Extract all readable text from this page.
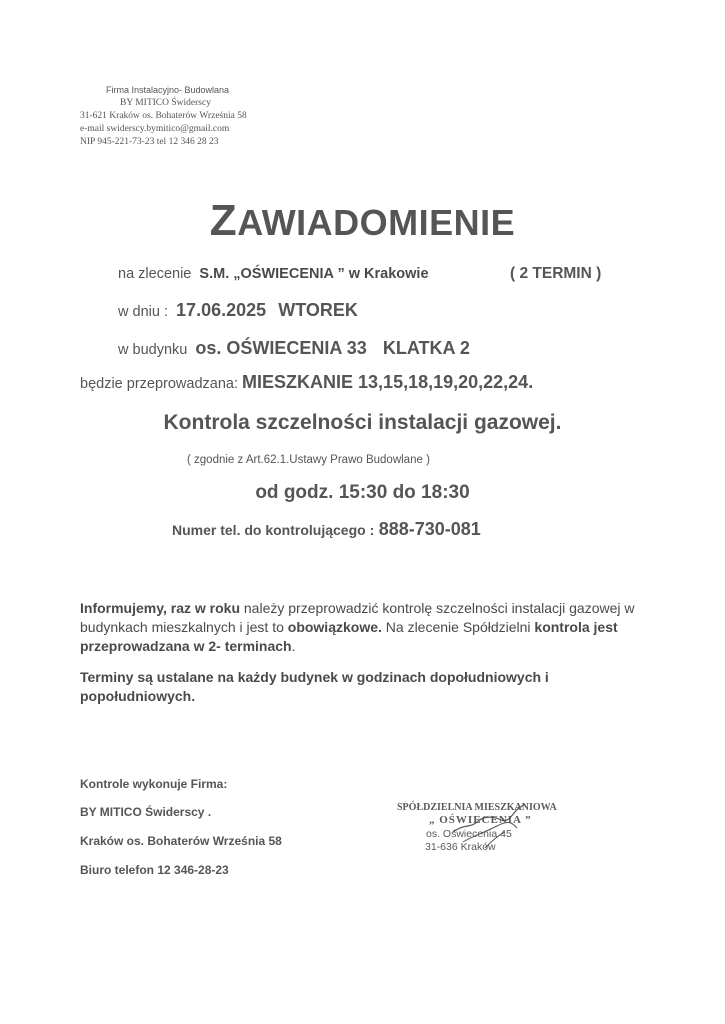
Firma Instalacyjno- Budowlana
BY MITICO Świderscy
31-621 Kraków os. Bohaterów Września 58
e-mail swiderscy.bymitico@gmail.com
NIP 945-221-73-23 tel 12 346 28 23
ZAWIADOMIENIE
na zlecenie S.M. „OŚWIECENIA ” w Krakowie	( 2 TERMIN )
w dniu : 17.06.2025 WTOREK
w budynku os. OŚWIECENIA 33 KLATKA 2
będzie przeprowadzana: MIESZKANIE 13,15,18,19,20,22,24.
Kontrola szczelności instalacji gazowej.
( zgodnie z Art.62.1.Ustawy Prawo Budowlane )
od godz. 15:30 do 18:30
Numer tel. do kontrolującego : 888-730-081
Informujemy, raz w roku należy przeprowadzić kontrolę szczelności instalacji gazowej w budynkach mieszkalnych i jest to obowiązkowe. Na zlecenie Spółdzielni kontrola jest przeprowadzana w 2- terminach.
Terminy są ustalane na każdy budynek w godzinach dopołudniowych i popołudniowych.
Kontrole wykonuje Firma:
BY MITICO Świderscy .
Kraków os. Bohaterów Września 58
Biuro telefon 12 346-28-23
SPÓŁDZIELNIA MIESZKANIOWA
„ OŚWIECENIA ”
os. Oświecenia 45
31-636 Kraków
